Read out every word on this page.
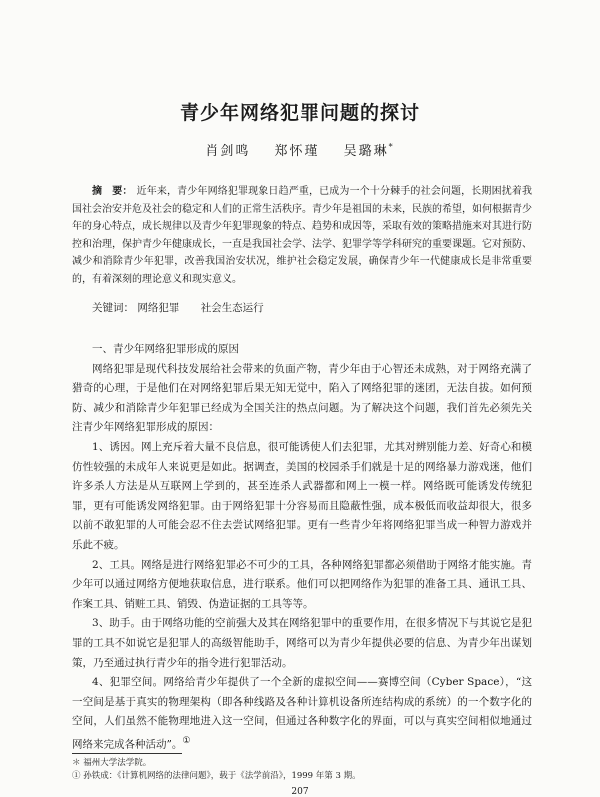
青少年网络犯罪问题的探讨
肖剑鸣 郑怀瑾 吴璐琳*
摘　要： 近年来，青少年网络犯罪现象日趋严重，已成为一个十分棘手的社会问题，长期困扰着我国社会治安并危及社会的稳定和人们的正常生活秩序。青少年是祖国的未来，民族的希望，如何根据青少年的身心特点，成长规律以及青少年犯罪现象的特点、趋势和成因等，采取有效的策略措施来对其进行防控和治理，保护青少年健康成长，一直是我国社会学、法学、犯罪学等学科研究的重要课题。它对预防、减少和消除青少年犯罪，改善我国治安状况，维护社会稳定发展，确保青少年一代健康成长是非常重要的，有着深刻的理论意义和现实意义。
关键词： 网络犯罪 社会生态运行
一、青少年网络犯罪形成的原因

网络犯罪是现代科技发展给社会带来的负面产物，青少年由于心智还未成熟，对于网络充满了猎奇的心理，于是他们在对网络犯罪后果无知无觉中，陷入了网络犯罪的迷团，无法自拔。如何预防、减少和消除青少年犯罪已经成为全国关注的热点问题。为了解决这个问题，我们首先必须先关注青少年网络犯罪形成的原因：

1、诱因。网上充斥着大量不良信息，很可能诱使人们去犯罪，尤其对辨别能力差、好奇心和模仿性较强的未成年人来说更是如此。据调查，美国的校园杀手们就是十足的网络暴力游戏迷，他们许多杀人方法是从互联网上学到的，甚至连杀人武器都和网上一模一样。网络既可能诱发传统犯罪，更有可能诱发网络犯罪。由于网络犯罪十分容易而且隐蔽性强，成本极低而收益却很大，很多以前不敢犯罪的人可能会忍不住去尝试网络犯罪。更有一些青少年将网络犯罪当成一种智力游戏并乐此不疲。

2、工具。网络是进行网络犯罪必不可少的工具，各种网络犯罪都必须借助于网络才能实施。青少年可以通过网络方便地获取信息，进行联系。他们可以把网络作为犯罪的准备工具、通讯工具、作案工具、销赃工具、销毁、伪造证据的工具等等。

3、助手。由于网络功能的空前强大及其在网络犯罪中的重要作用，在很多情况下与其说它是犯罪的工具不如说它是犯罪人的高级智能助手，网络可以为青少年提供必要的信息、为青少年出谋划策，乃至通过执行青少年的指令进行犯罪活动。

4、犯罪空间。网络给青少年提供了一个全新的虚拟空间——赛博空间（Cyber Space），“这一空间是基于真实的物理架构（即各种线路及各种计算机设备所连结构成的系统）的一个数字化的空间，人们虽然不能物理地进入这一空间，但通过各种数字化的界面，可以与真实空间相似地通过网络来完成各种活动”。①

＊ 福州大学法学院。
① 孙铁成：《计算机网络的法律问题》，载于《法学前沿》，1999 年第 3 期。
207
